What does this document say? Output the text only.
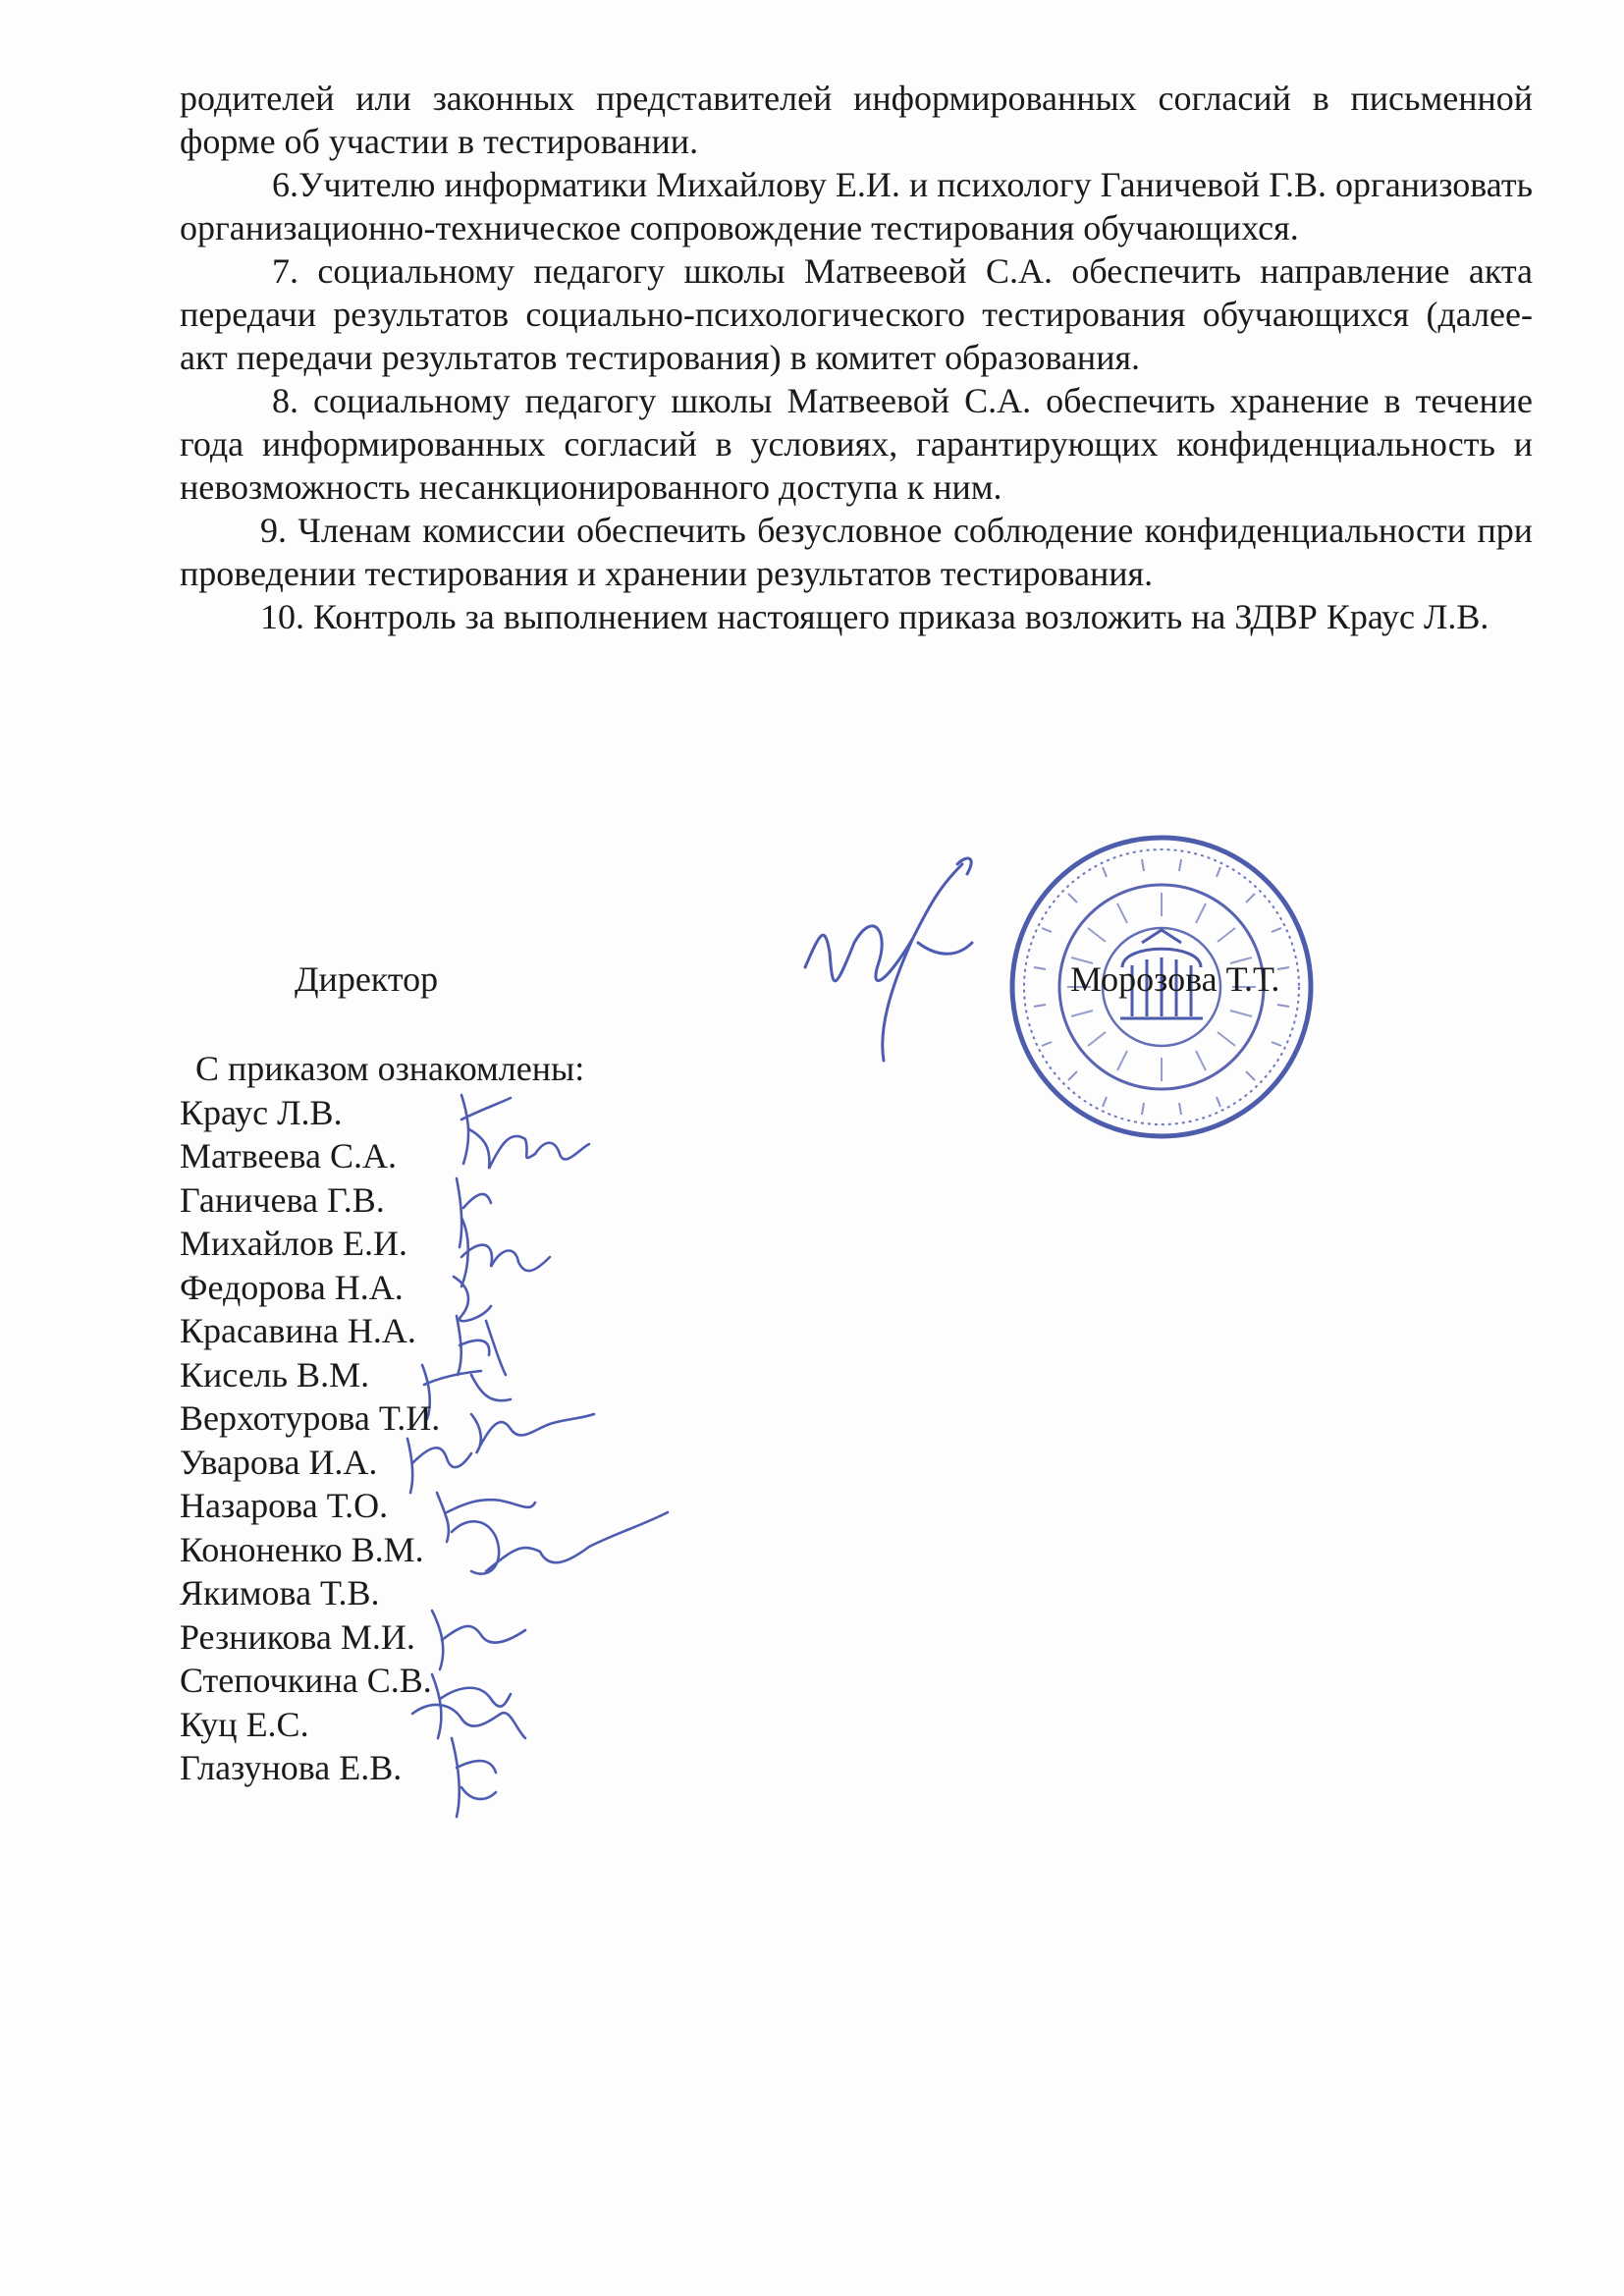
родителей или законных представителей информированных согласий в письменной форме об участии в тестировании.

6.Учителю информатики Михайлову Е.И. и психологу Ганичевой Г.В. организовать организационно-техническое сопровождение тестирования обучающихся.

7. социальному педагогу школы Матвеевой С.А. обеспечить направление акта передачи результатов социально-психологического тестирования обучающихся (далее- акт передачи результатов тестирования) в комитет образования.

8. социальному педагогу школы Матвеевой С.А. обеспечить хранение в течение года информированных согласий в условиях, гарантирующих конфиденциальность и невозможность несанкционированного доступа к ним.

9. Членам комиссии обеспечить безусловное соблюдение конфиденциальности при проведении тестирования и хранении результатов тестирования.

10. Контроль за выполнением настоящего приказа возложить на ЗДВР Краус Л.В.

Директор	Морозова Т.Т.
С приказом ознакомлены:
Краус Л.В.
Матвеева С.А.
Ганичева Г.В.
Михайлов Е.И.
Федорова Н.А.
Красавина Н.А.
Кисель В.М.
Верхотурова Т.И.
Уварова И.А.
Назарова Т.О.
Кононенко В.М.
Якимова Т.В.
Резникова М.И.
Степочкина С.В.
Куц Е.С.
Глазунова Е.В.
